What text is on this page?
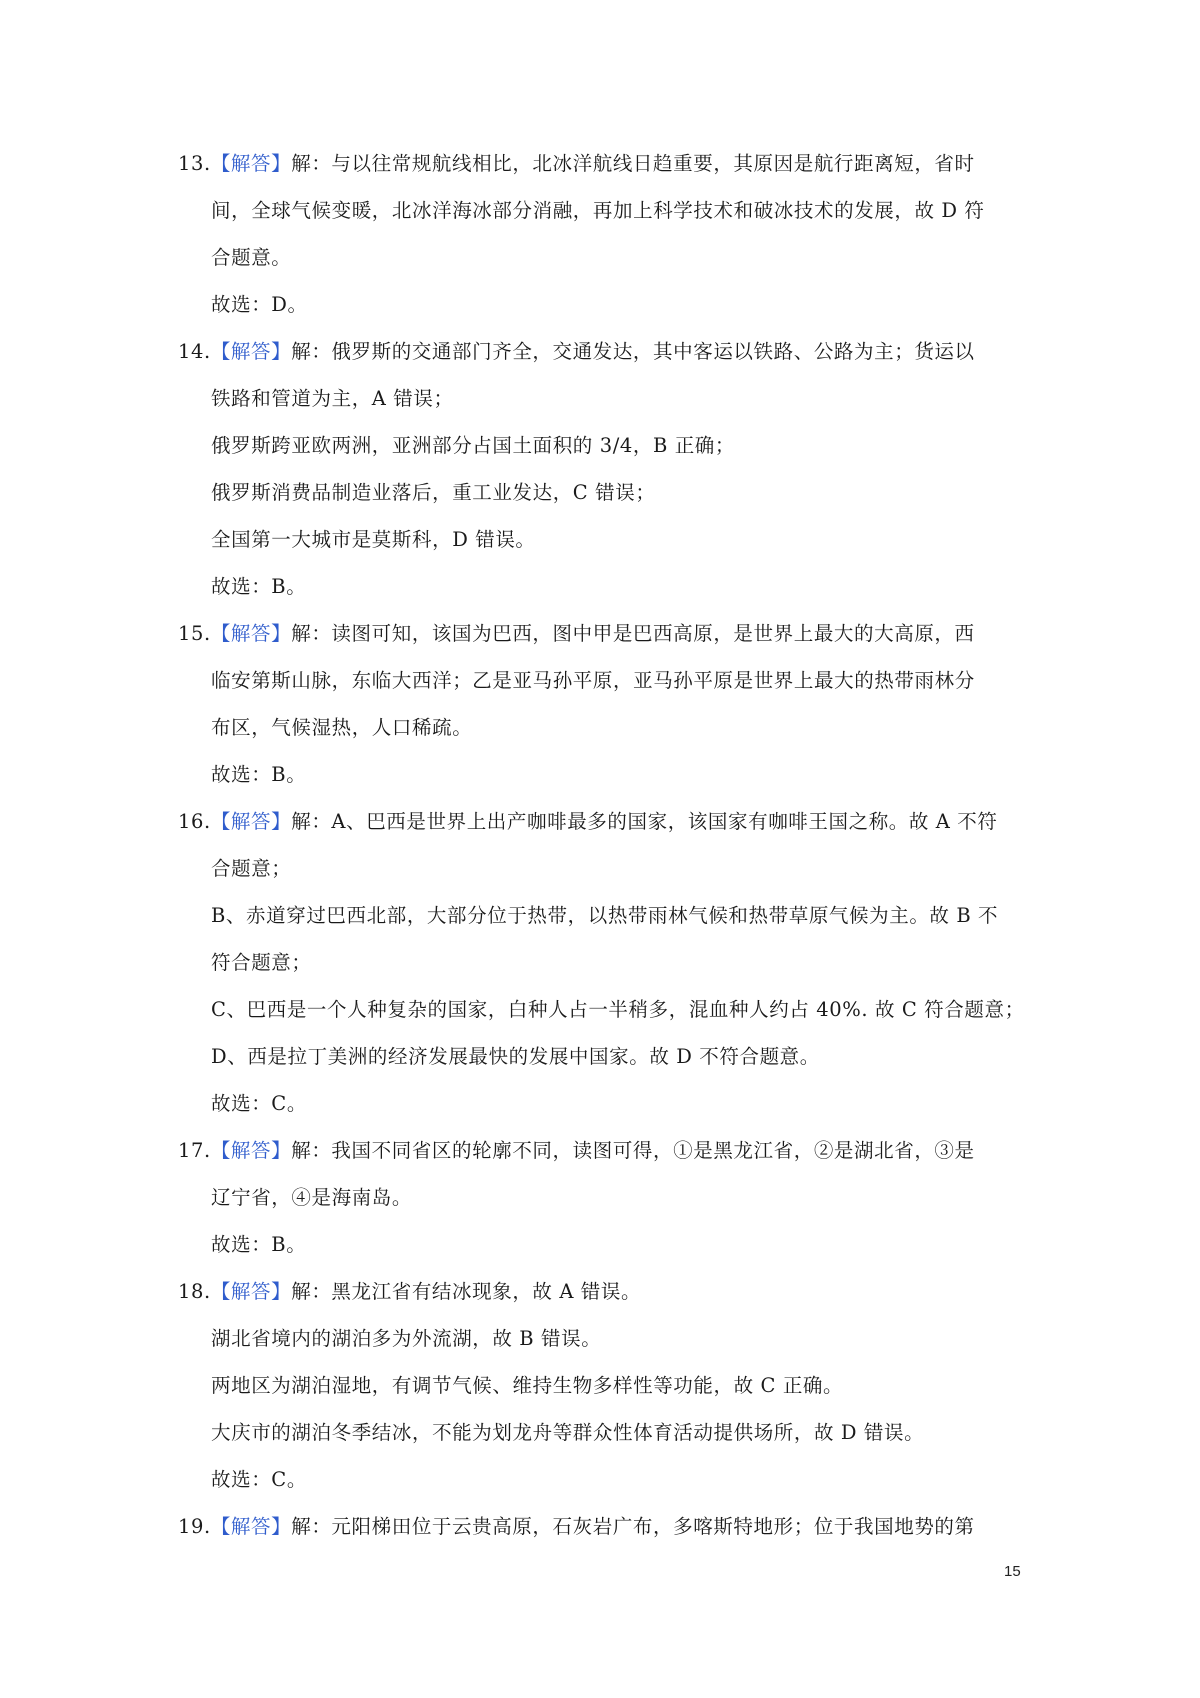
13.【解答】解：与以往常规航线相比，北冰洋航线日趋重要，其原因是航行距离短，省时
间，全球气候变暖，北冰洋海冰部分消融，再加上科学技术和破冰技术的发展，故 D 符
合题意。
故选：D。
14.【解答】解：俄罗斯的交通部门齐全，交通发达，其中客运以铁路、公路为主；货运以
铁路和管道为主，A 错误；
俄罗斯跨亚欧两洲，亚洲部分占国土面积的 3/4，B 正确；
俄罗斯消费品制造业落后，重工业发达，C 错误；
全国第一大城市是莫斯科，D 错误。
故选：B。
15.【解答】解：读图可知，该国为巴西，图中甲是巴西高原，是世界上最大的大高原，西
临安第斯山脉，东临大西洋；乙是亚马孙平原，亚马孙平原是世界上最大的热带雨林分
布区，气候湿热，人口稀疏。
故选：B。
16.【解答】解：A、巴西是世界上出产咖啡最多的国家，该国家有咖啡王国之称。故 A 不符
合题意；
B、赤道穿过巴西北部，大部分位于热带，以热带雨林气候和热带草原气候为主。故 B 不
符合题意；
C、巴西是一个人种复杂的国家，白种人占一半稍多，混血种人约占 40%. 故 C 符合题意；
D、西是拉丁美洲的经济发展最快的发展中国家。故 D 不符合题意。
故选：C。
17.【解答】解：我国不同省区的轮廓不同，读图可得，①是黑龙江省，②是湖北省，③是
辽宁省，④是海南岛。
故选：B。
18.【解答】解：黑龙江省有结冰现象，故 A 错误。
湖北省境内的湖泊多为外流湖，故 B 错误。
两地区为湖泊湿地，有调节气候、维持生物多样性等功能，故 C 正确。
大庆市的湖泊冬季结冰，不能为划龙舟等群众性体育活动提供场所，故 D 错误。
故选：C。
19.【解答】解：元阳梯田位于云贵高原，石灰岩广布，多喀斯特地形；位于我国地势的第
15
